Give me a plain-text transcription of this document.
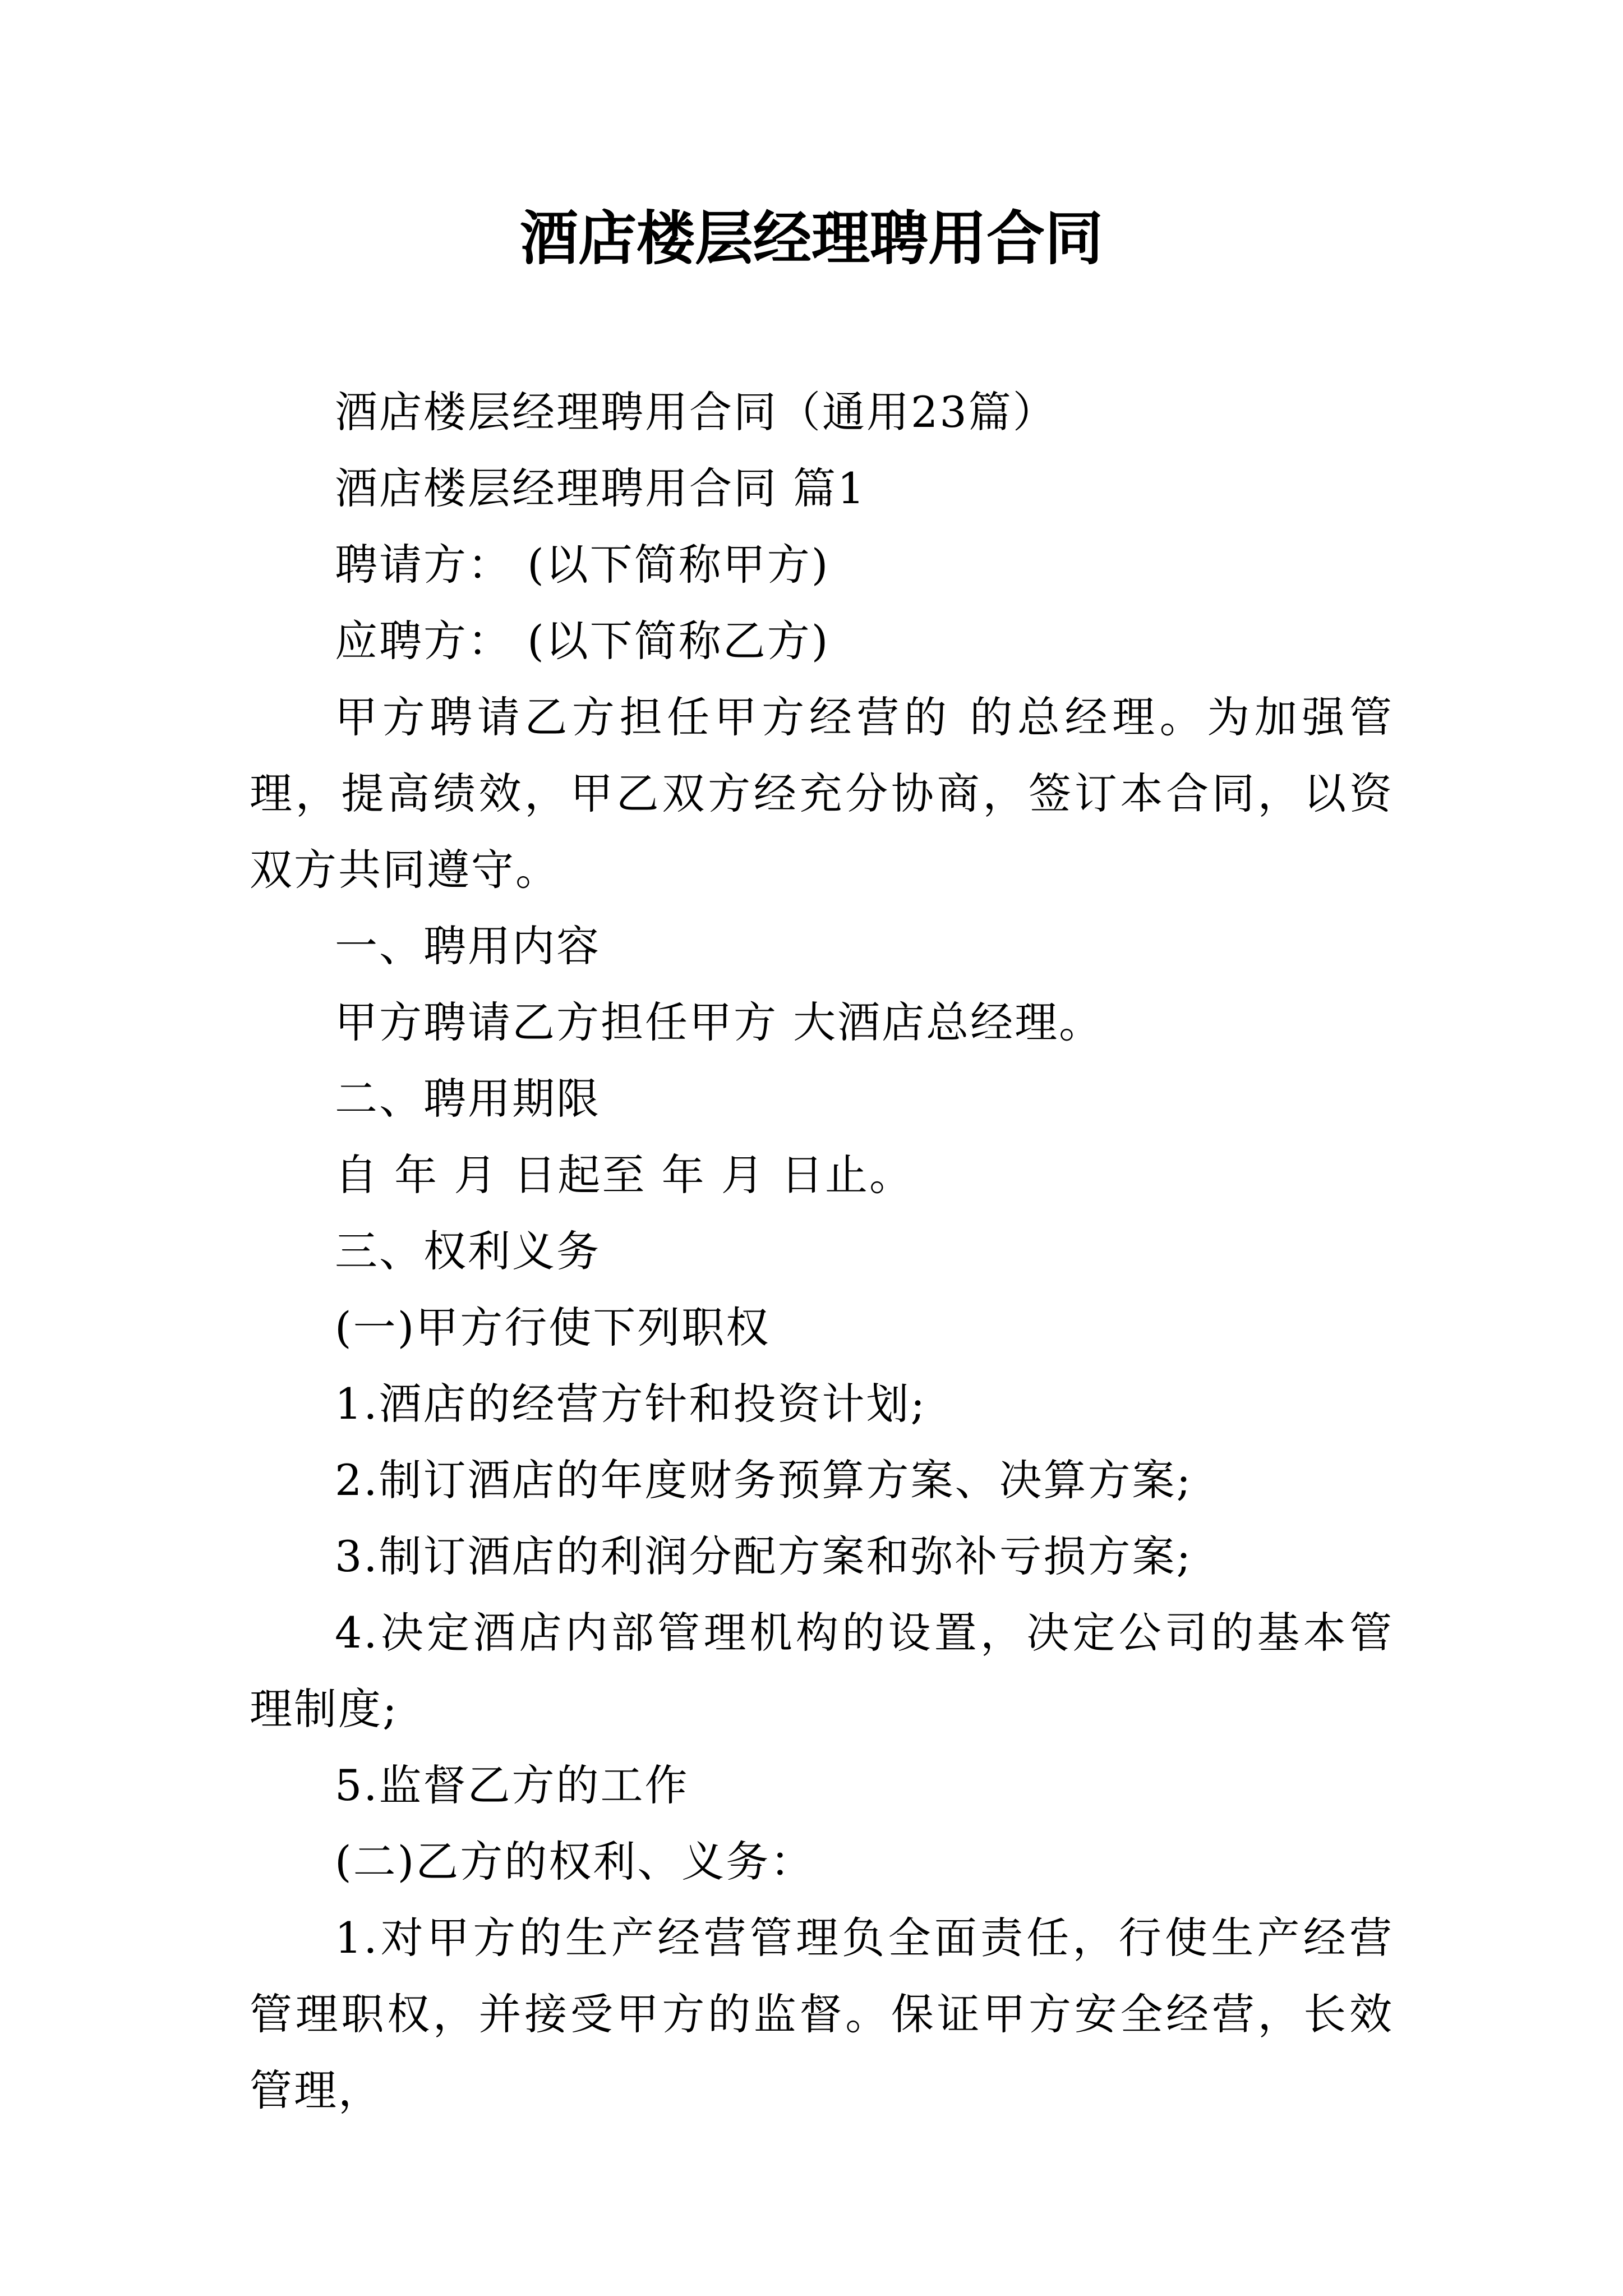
酒店楼层经理聘用合同

酒店楼层经理聘用合同（通用23篇）

酒店楼层经理聘用合同 篇1

聘请方： (以下简称甲方)

应聘方： (以下简称乙方)

甲方聘请乙方担任甲方经营的 的总经理。为加强管理，提高绩效，甲乙双方经充分协商，签订本合同，以资双方共同遵守。

一、聘用内容

甲方聘请乙方担任甲方 大酒店总经理。

二、聘用期限

自 年 月 日起至 年 月 日止。

三、权利义务

(一)甲方行使下列职权

1.酒店的经营方针和投资计划;

2.制订酒店的年度财务预算方案、决算方案;

3.制订酒店的利润分配方案和弥补亏损方案;

4.决定酒店内部管理机构的设置，决定公司的基本管理制度;

5.监督乙方的工作

(二)乙方的权利、义务：

1.对甲方的生产经营管理负全面责任，行使生产经营管理职权，并接受甲方的监督。保证甲方安全经营，长效管理，
